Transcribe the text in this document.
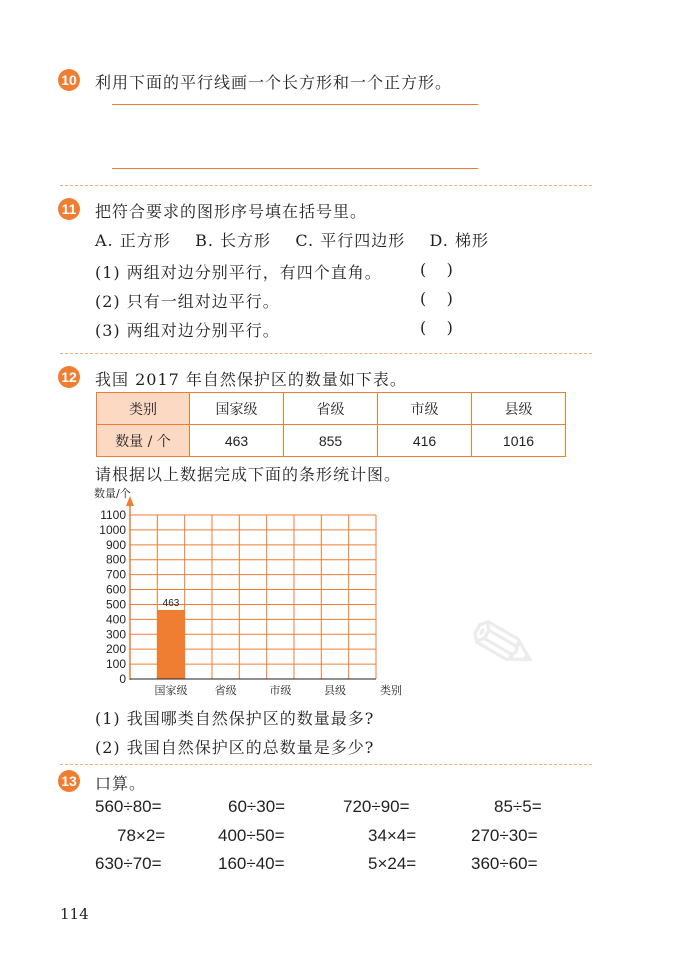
10 利用下面的平行线画一个长方形和一个正方形。
11 把符合要求的图形序号填在括号里。
A. 正方形    B. 长方形    C. 平行四边形    D. 梯形
(1) 两组对边分别平行，有四个直角。 (    )
(2) 只有一组对边平行。	(    )
(3) 两组对边分别平行。	(    )
12 我国 2017 年自然保护区的数量如下表。
类别	国家级	省级	市级	县级
数量 / 个	463	855	416	1016
请根据以上数据完成下面的条形统计图。
✎
0
100
200
300
400
500
600
700
800
900
1000
1100
463
国家级 省级	市级	县级
数量/个
类别
(1) 我国哪类自然保护区的数量最多?
(2) 我国自然保护区的总数量是多少?
13 口算。
560÷80=	60÷30=	720÷90=	85÷5=
78×2=	400÷50=	34×4=	270÷30=
630÷70=	160÷40=	5×24=	360÷60=
114
